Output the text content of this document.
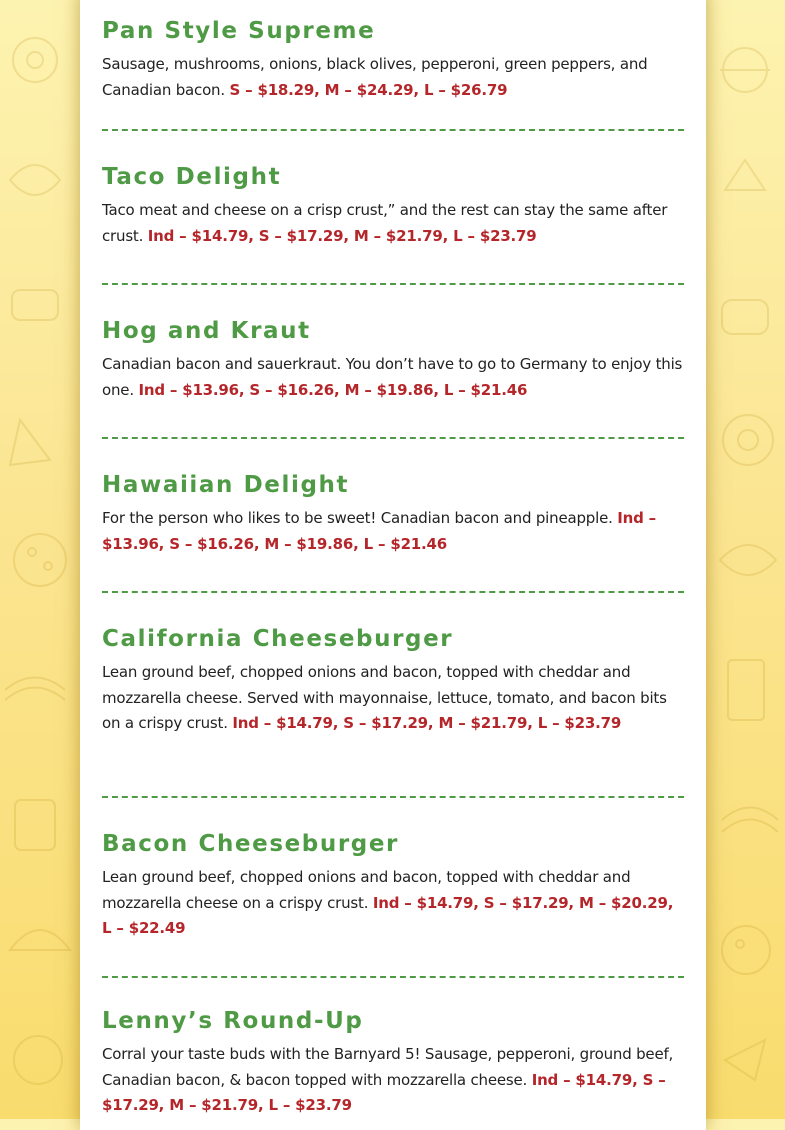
Pan Style Supreme

Sausage, mushrooms, onions, black olives, pepperoni, green peppers, and Canadian bacon. S – $18.29, M – $24.29, L – $26.79

Taco Delight

Taco meat and cheese on a crisp crust,” and the rest can stay the same after crust. Ind – $14.79, S – $17.29, M – $21.79, L – $23.79

Hog and Kraut

Canadian bacon and sauerkraut. You don’t have to go to Germany to enjoy this one. Ind – $13.96, S – $16.26, M – $19.86, L – $21.46

Hawaiian Delight

For the person who likes to be sweet! Canadian bacon and pineapple. Ind – $13.96, S – $16.26, M – $19.86, L – $21.46

California Cheeseburger

Lean ground beef, chopped onions and bacon, topped with cheddar and mozzarella cheese. Served with mayonnaise, lettuce, tomato, and bacon bits on a crispy crust. Ind – $14.79, S – $17.29, M – $21.79, L – $23.79

Bacon Cheeseburger

Lean ground beef, chopped onions and bacon, topped with cheddar and mozzarella cheese on a crispy crust. Ind – $14.79, S – $17.29, M – $20.29, L – $22.49

Lenny’s Round-Up

Corral your taste buds with the Barnyard 5! Sausage, pepperoni, ground beef, Canadian bacon, & bacon topped with mozzarella cheese. Ind – $14.79, S – $17.29, M – $21.79, L – $23.79
